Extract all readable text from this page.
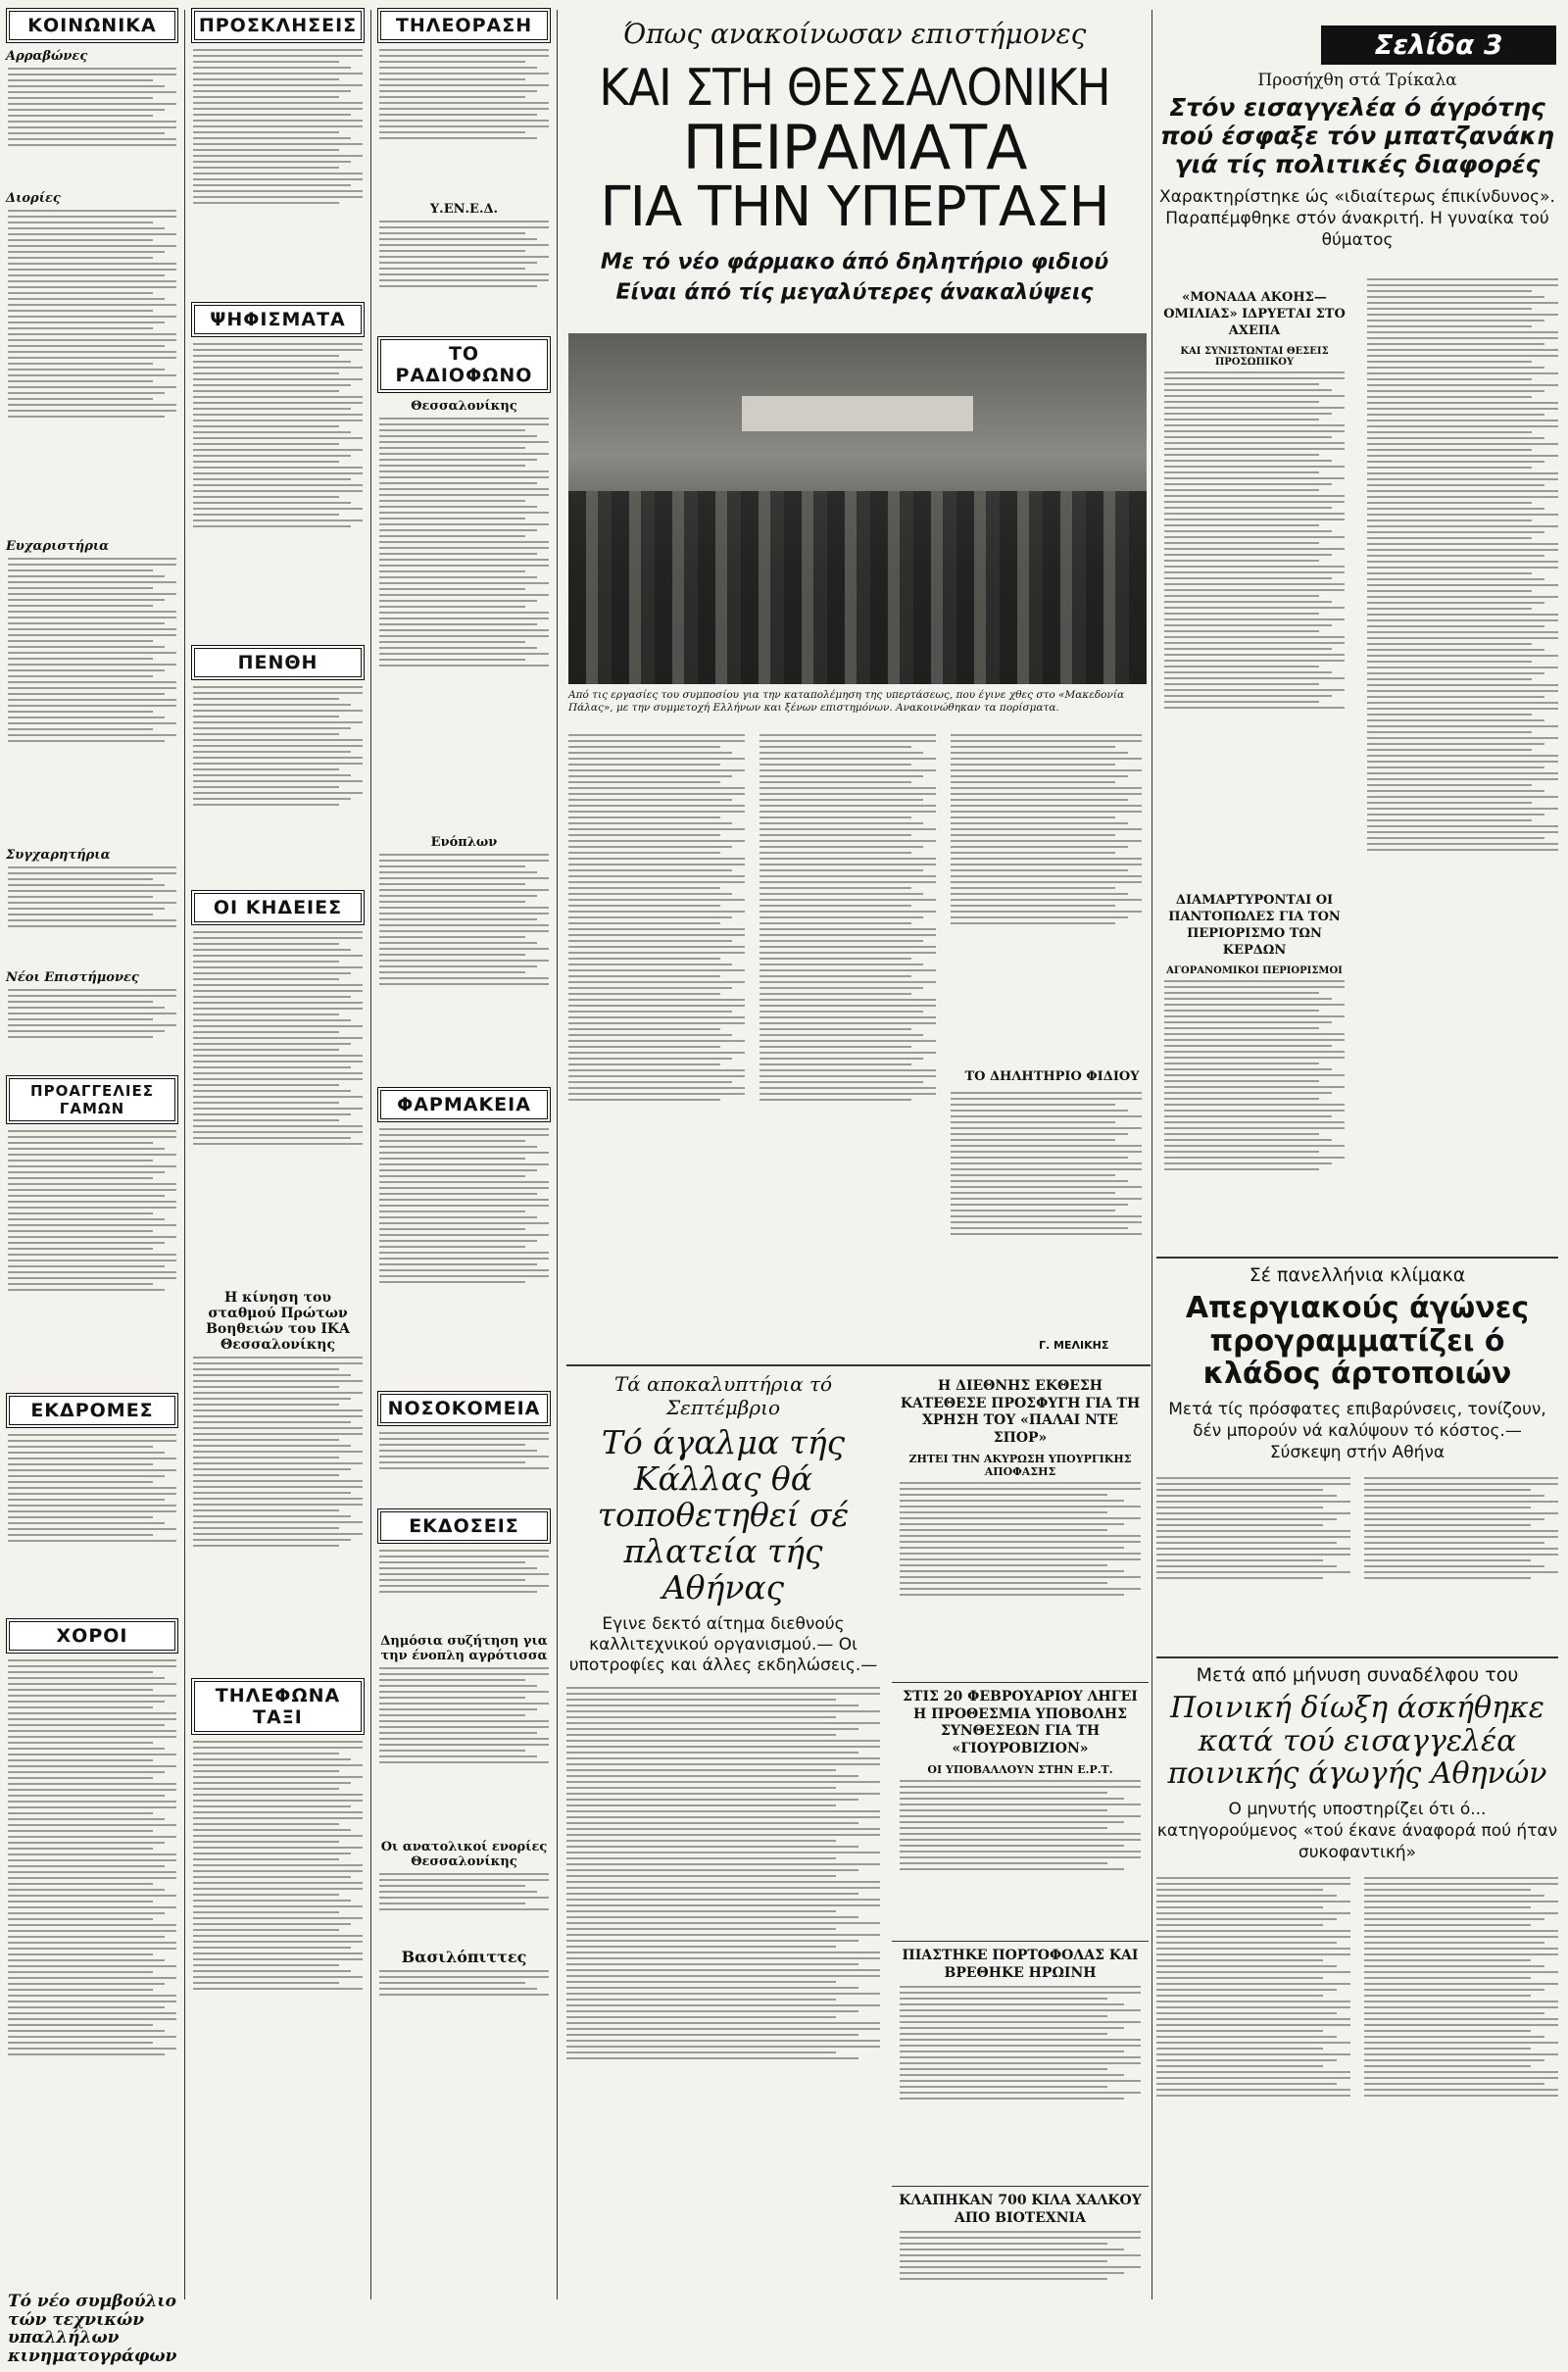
ΚΟΙΝΩΝΙΚΑ
Αρραβώνες
Διορίες
Ευχαριστήρια
Συγχαρητήρια
Νέοι Επιστήμονες
ΠΡΟΑΓΓΕΛΙΕΣ ΓΑΜΩΝ
ΕΚΔΡΟΜΕΣ
ΧΟΡΟΙ
Τό νέο συμβούλιο τών τεχνικών υπαλλήλων κινηματογράφων
ΠΡΟΣΚΛΗΣΕΙΣ
ΨΗΦΙΣΜΑΤΑ
ΠΕΝΘΗ
ΟΙ ΚΗΔΕΙΕΣ
Η κίνηση του σταθμού Πρώτων Βοηθειών του ΙΚΑ Θεσσαλονίκης
ΤΗΛΕΦΩΝΑ ΤΑΞΙ
ΤΗΛΕΟΡΑΣΗ
Υ.ΕΝ.Ε.Δ.
ΤΟ ΡΑΔΙΟΦΩΝΟ
Θεσσαλονίκης
Ενόπλων
ΦΑΡΜΑΚΕΙΑ
ΝΟΣΟΚΟΜΕΙΑ
ΕΚΔΟΣΕΙΣ
Δημόσια συζήτηση για την ένοπλη αγρότισσα
Οι ανατολικοί ενορίες Θεσσαλονίκης
Βασιλόπιττες
Όπως ανακοίνωσαν επιστήμονες
ΚΑΙ ΣΤΗ ΘΕΣΣΑΛΟΝΙΚΗ
ΠΕΙΡΑΜΑΤΑ
ΓΙΑ ΤΗΝ ΥΠΕΡΤΑΣΗ
Με τό νέο φάρμακο άπό δηλητήριο φιδιού
Είναι άπό τίς μεγαλύτερες άνακαλύψεις
Από τις εργασίες του συμποσίου για την καταπολέμηση της υπερτάσεως, που έγινε χθες στο «Μακεδονία Πάλας», με την συμμετοχή Ελλήνων και ξένων επιστημόνων. Ανακοινώθηκαν τα πορίσματα.
ΤΟ ΔΗΛΗΤΗΡΙΟ ΦΙΔΙΟΥ
Γ. ΜΕΛΙΚΗΣ
Τά αποκαλυπτήρια τό Σεπτέμβριο
Τό άγαλμα τής Κάλλας θά τοποθετηθεί σέ πλατεία τής Αθήνας
Εγινε δεκτό αίτημα διεθνούς καλλιτεχνικού οργανισμού.— Οι υποτροφίες και άλλες εκδηλώσεις.—
Η ΔΙΕΘΝΗΣ ΕΚΘΕΣΗ ΚΑΤΕΘΕΣΕ ΠΡΟΣΦΥΓΗ ΓΙΑ ΤΗ ΧΡΗΣΗ ΤΟΥ «ΠΑΛΑΙ ΝΤΕ ΣΠΟΡ»
ΖΗΤΕΙ ΤΗΝ ΑΚΥΡΩΣΗ ΥΠΟΥΡΓΙΚΗΣ ΑΠΟΦΑΣΗΣ
ΣΤΙΣ 20 ΦΕΒΡΟΥΑΡΙΟΥ ΛΗΓΕΙ Η ΠΡΟΘΕΣΜΙΑ ΥΠΟΒΟΛΗΣ ΣΥΝΘΕΣΕΩΝ ΓΙΑ ΤΗ «ΓΙΟΥΡΟΒΙΖΙΟΝ»
ΟΙ ΥΠΟΒΑΛΛΟΥΝ ΣΤΗΝ Ε.Ρ.Τ.
ΠΙΑΣΤΗΚΕ ΠΟΡΤΟΦΟΛΑΣ ΚΑΙ ΒΡΕΘΗΚΕ ΗΡΩΙΝΗ
ΚΛΑΠΗΚΑΝ 700 ΚΙΛΑ ΧΑΛΚΟΥ ΑΠΟ ΒΙΟΤΕΧΝΙΑ
Σελίδα 3
Προσήχθη στά Τρίκαλα
Στόν εισαγγελέα ό άγρότης πού έσφαξε τόν μπατζανάκη γιά τίς πολιτικές διαφορές
Χαρακτηρίστηκε ώς «ιδιαίτερως έπικίνδυνος». Παραπέμφθηκε στόν άνακριτή. Η γυναίκα τού θύματος
«ΜΟΝΑΔΑ ΑΚΟΗΣ—ΟΜΙΛΙΑΣ» ΙΔΡΥΕΤΑΙ ΣΤΟ ΑΧΕΠΑ
ΚΑΙ ΣΥΝΙΣΤΩΝΤΑΙ ΘΕΣΕΙΣ ΠΡΟΣΩΠΙΚΟΥ
ΔΙΑΜΑΡΤΥΡΟΝΤΑΙ ΟΙ ΠΑΝΤΟΠΩΛΕΣ ΓΙΑ ΤΟΝ ΠΕΡΙΟΡΙΣΜΟ ΤΩΝ ΚΕΡΔΩΝ
ΑΓΟΡΑΝΟΜΙΚΟΙ ΠΕΡΙΟΡΙΣΜΟΙ
Σέ πανελλήνια κλίμακα
Απεργιακούς άγώνες προγραμματίζει ό κλάδος άρτοποιών
Μετά τίς πρόσφατες επιβαρύνσεις, τονίζουν, δέν μπορούν νά καλύψουν τό κόστος.— Σύσκεψη στήν Αθήνα
Μετά από μήνυση συναδέλφου του
Ποινική δίωξη άσκήθηκε κατά τού εισαγγελέα ποινικής άγωγής Αθηνών
Ο μηνυτής υποστηρίζει ότι ό... κατηγορούμενος «τού έκανε άναφορά πού ήταν συκοφαντική»
